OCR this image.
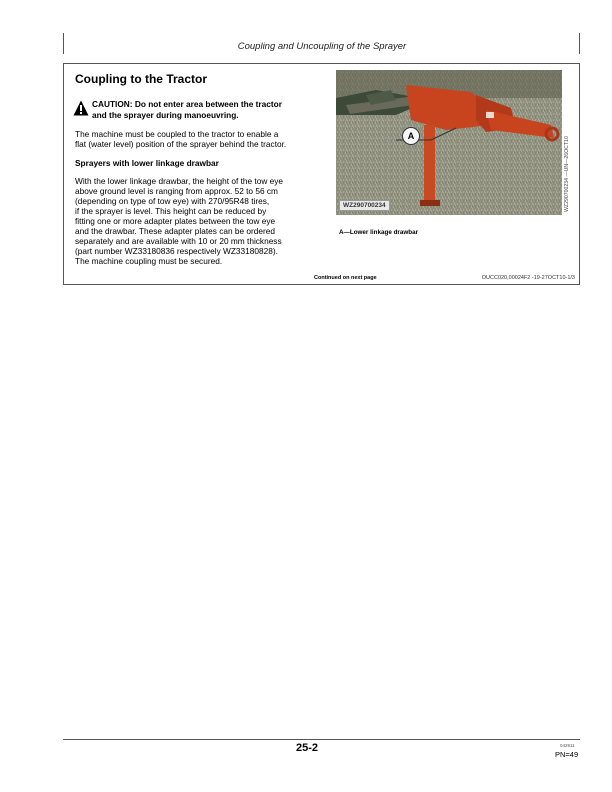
Coupling and Uncoupling of the Sprayer
Coupling to the Tractor
CAUTION: Do not enter area between the tractor
and the sprayer during manoeuvring.
The machine must be coupled to the tractor to enable a
flat (water level) position of the sprayer behind the tractor.
Sprayers with lower linkage drawbar
With the lower linkage drawbar, the height of the tow eye
above ground level is ranging from approx. 52 to 56 cm
(depending on type of tow eye) with 270/95R48 tires,
if the sprayer is level. This height can be reduced by
fitting one or more adapter plates between the tow eye
and the drawbar. These adapter plates can be ordered
separately and are available with 10 or 20 mm thickness
(part number WZ33180836 respectively WZ33180828).
The machine coupling must be secured.
A
WZ290700234	WZ290700234 —UN—26OCT10
A—Lower linkage drawbar
Continued on next page	OUCC020,00024F2 -19-27OCT10-1/3
25-2	042911
PN=49
